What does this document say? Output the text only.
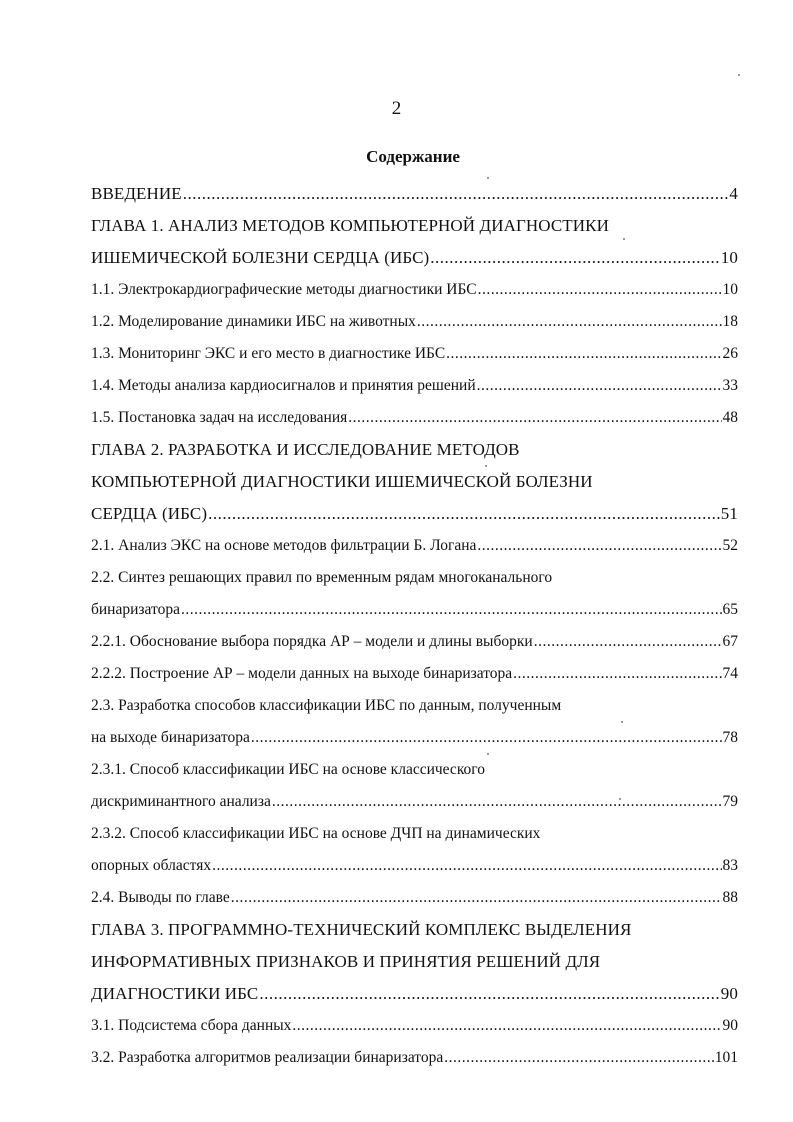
2
Содержание
ВВЕДЕНИЕ .....	4
ГЛАВА 1. АНАЛИЗ МЕТОДОВ КОМПЬЮТЕРНОЙ ДИАГНОСТИКИ
ИШЕМИЧЕСКОЙ БОЛЕЗНИ СЕРДЦА (ИБС) .....	10
1.1. Электрокардиографические методы диагностики ИБС .....	10
1.2. Моделирование динамики ИБС на животных .....	18
1.3. Мониторинг ЭКС и его место в диагностике ИБС .....	26
1.4. Методы анализа кардиосигналов и принятия решений .....	33
1.5. Постановка задач на исследования .....	48
ГЛАВА 2. РАЗРАБОТКА И ИССЛЕДОВАНИЕ МЕТОДОВ
КОМПЬЮТЕРНОЙ ДИАГНОСТИКИ ИШЕМИЧЕСКОЙ БОЛЕЗНИ
СЕРДЦА (ИБС) .....	51
2.1. Анализ ЭКС на основе методов фильтрации Б. Логана .....	52
2.2. Синтез решающих правил по временным рядам многоканального
бинаризатора .....	65
2.2.1. Обоснование выбора порядка АР – модели и длины выборки .....	67
2.2.2. Построение АР – модели данных на выходе бинаризатора .....	74
2.3. Разработка способов классификации ИБС по данным, полученным
на выходе бинаризатора .....	78
2.3.1. Способ классификации ИБС на основе классического
дискриминантного анализа .....	79
2.3.2. Способ классификации ИБС на основе ДЧП на динамических
опорных областях .....	83
2.4. Выводы по главе .....	88
ГЛАВА 3. ПРОГРАММНО-ТЕХНИЧЕСКИЙ КОМПЛЕКС ВЫДЕЛЕНИЯ
ИНФОРМАТИВНЫХ ПРИЗНАКОВ И ПРИНЯТИЯ РЕШЕНИЙ ДЛЯ
ДИАГНОСТИКИ ИБС .....	90
3.1. Подсистема сбора данных .....	90
3.2. Разработка алгоритмов реализации бинаризатора .....	101
